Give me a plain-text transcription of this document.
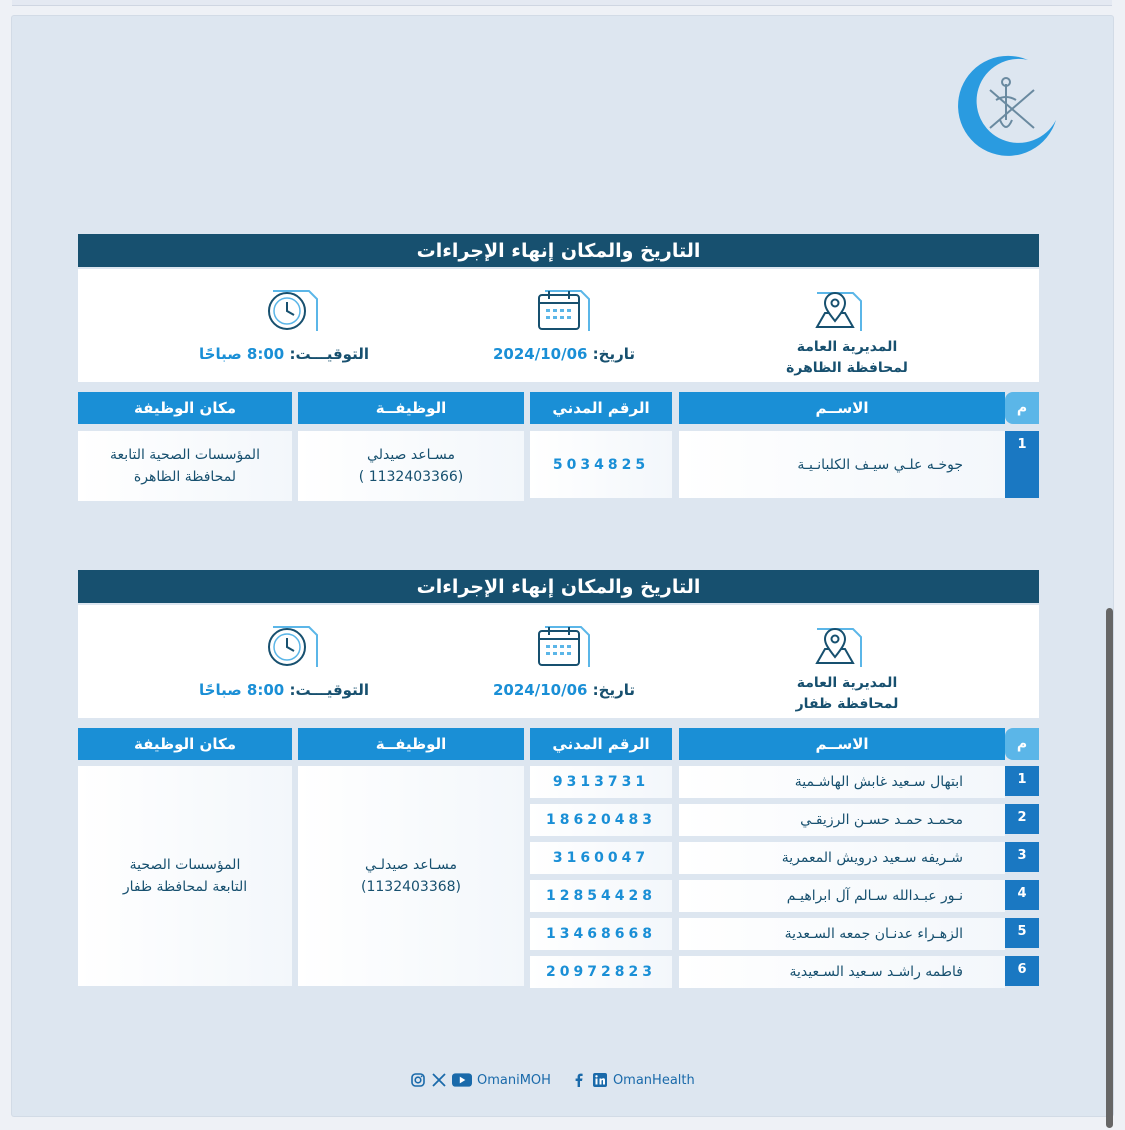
التاريخ والمكان إنهاء الإجراءات
المديرية العامة
لمحافظة الظاهرة
تاريخ: 2024/10/06
التوقيـــت: 8:00 صباحًا
م
الاســم
الرقم المدني
الوظيفــة
مكان الوظيفة
1
جوخـه علـي سيـف الكلبانـيـة
5034825
مسـاعد صيدلي
(1132403366 )
المؤسسات الصحية التابعة
لمحافظة الظاهرة
التاريخ والمكان إنهاء الإجراءات
المديرية العامة
لمحافظة ظفار
تاريخ: 2024/10/06
التوقيـــت: 8:00 صباحًا
م
الاســم
الرقم المدني
الوظيفــة
مكان الوظيفة
1
ابتهال سـعيد غابش الهاشـمية
9313731
2
محمـد حمـد حسـن الرزيقـي
18620483
3
شـريفه سـعيد درويش المعمرية
3160047
4
نـور عبـدالله سـالم آل ابراهيـم
12854428
5
الزهـراء عدنـان جمعه السـعدية
13468668
6
فاطمه راشـد سـعيد السـعيدية
20972823
مسـاعد صيدلـي
(1132403368)
المؤسسات الصحية
التابعة لمحافظة ظفار
OmaniMOH	OmanHealth
